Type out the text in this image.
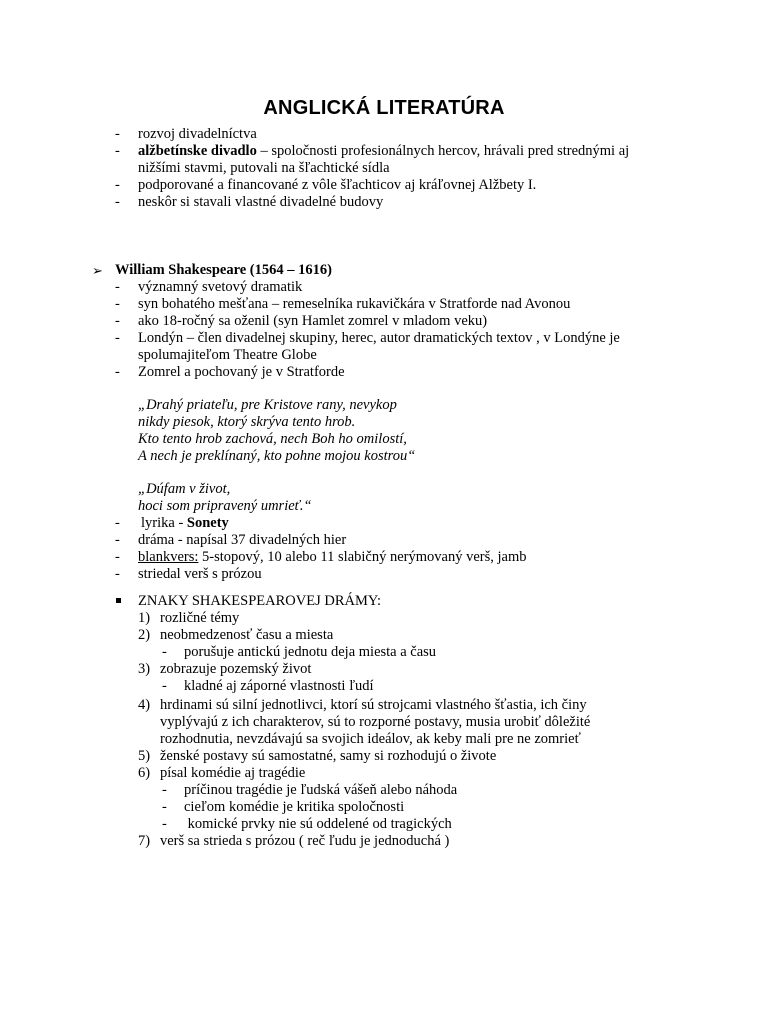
ANGLICKÁ LITERATÚRA
- rozvoj divadelníctva
- alžbetínske divadlo – spoločnosti profesionálnych hercov, hrávali pred strednými aj
nižšími stavmi, putovali na šľachtické sídla
- podporované a financované z vôle šľachticov aj kráľovnej Alžbety I.
- neskôr si stavali vlastné divadelné budovy
➢ William Shakespeare (1564 – 1616)
- významný svetový dramatik
- syn bohatého mešťana – remeselníka rukavičkára v Stratforde nad Avonou
- ako 18-ročný sa oženil (syn Hamlet zomrel v mladom veku)
- Londýn – člen divadelnej skupiny, herec, autor dramatických textov , v Londýne je
spolumajiteľom Theatre Globe
- Zomrel a pochovaný je v Stratforde
„Drahý priateľu, pre Kristove rany, nevykop
nikdy piesok, ktorý skrýva tento hrob.
Kto tento hrob zachová, nech Boh ho omilostí,
A nech je preklínaný, kto pohne mojou kostrou“
„Dúfam v život,
hoci som pripravený umrieť.“
- lyrika - Sonety
- dráma - napísal 37 divadelných hier
- blankvers: 5-stopový, 10 alebo 11 slabičný nerýmovaný verš, jamb
- striedal verš s prózou
ZNAKY SHAKESPEAROVEJ DRÁMY:
1) rozličné témy
2) neobmedzenosť času a miesta
- porušuje antickú jednotu deja miesta a času
3) zobrazuje pozemský život
- kladné aj záporné vlastnosti ľudí
4) hrdinami sú silní jednotlivci, ktorí sú strojcami vlastného šťastia, ich činy
vyplývajú z ich charakterov, sú to rozporné postavy, musia urobiť dôležité
rozhodnutia, nevzdávajú sa svojich ideálov, ak keby mali pre ne zomrieť
5) ženské postavy sú samostatné, samy si rozhodujú o živote
6) písal komédie aj tragédie
- príčinou tragédie je ľudská vášeň alebo náhoda
- cieľom komédie je kritika spoločnosti
- komické prvky nie sú oddelené od tragických
7) verš sa strieda s prózou ( reč ľudu je jednoduchá )
